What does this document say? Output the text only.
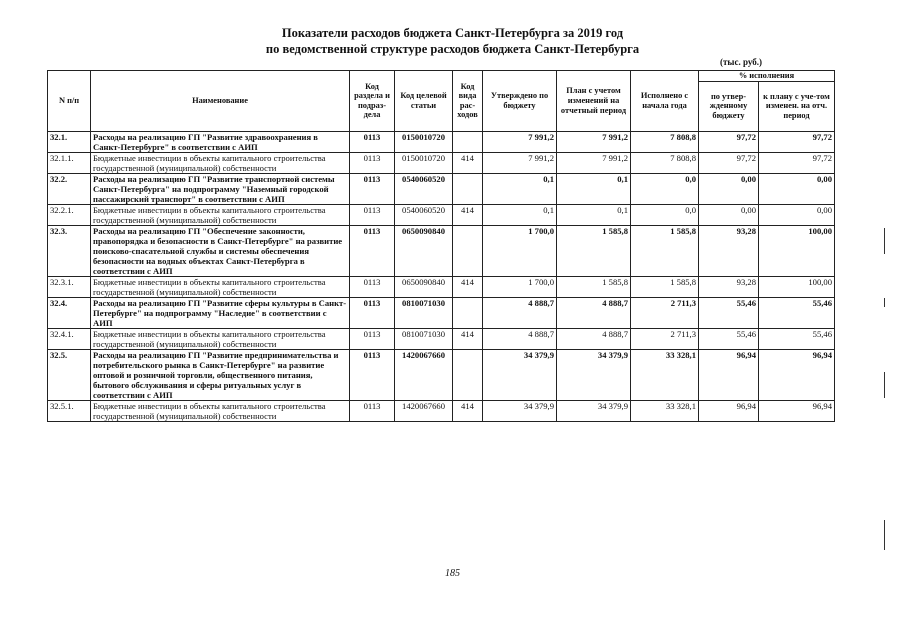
Показатели расходов бюджета Санкт-Петербурга за 2019 год
по ведомственной структуре расходов бюджета Санкт-Петербурга
(тыс. руб.)
N п/п	Наименование	Код раздела и подраз-дела	Код целевой статьи	Код вида рас-ходов	Утверждено по бюджету	План с учетом изменений на отчетный период	Исполнено с начала года	% исполнения	
								по утвер-жденному бюджету	к плану с уче-том изменен. на отч. период
32.1.	Расходы на реализацию ГП "Развитие здравоохранения в Санкт-Петербурге" в соответствии с АИП	0113	0150010720		7 991,2	7 991,2	7 808,8	97,72	97,72
32.1.1.	Бюджетные инвестиции в объекты капитального строительства государственной (муниципальной) собственности	0113	0150010720	414	7 991,2	7 991,2	7 808,8	97,72	97,72
32.2.	Расходы на реализацию ГП "Развитие транспортной системы Санкт-Петербурга" на подпрограмму "Наземный городской пассажирский транспорт" в соответствии с АИП	0113	0540060520		0,1	0,1	0,0	0,00	0,00
32.2.1.	Бюджетные инвестиции в объекты капитального строительства государственной (муниципальной) собственности	0113	0540060520	414	0,1	0,1	0,0	0,00	0,00
32.3.	Расходы на реализацию ГП "Обеспечение законности, правопорядка и безопасности в Санкт-Петербурге" на развитие поисково-спасательной службы и системы обеспечения безопасности на водных объектах Санкт-Петербурга в соответствии с АИП	0113	0650090840		1 700,0	1 585,8	1 585,8	93,28	100,00
32.3.1.	Бюджетные инвестиции в объекты капитального строительства государственной (муниципальной) собственности	0113	0650090840	414	1 700,0	1 585,8	1 585,8	93,28	100,00
32.4.	Расходы на реализацию ГП "Развитие сферы культуры в Санкт-Петербурге" на подпрограмму "Наследие" в соответствии с АИП	0113	0810071030		4 888,7	4 888,7	2 711,3	55,46	55,46
32.4.1.	Бюджетные инвестиции в объекты капитального строительства государственной (муниципальной) собственности	0113	0810071030	414	4 888,7	4 888,7	2 711,3	55,46	55,46
32.5.	Расходы на реализацию ГП "Развитие предпринимательства и потребительского рынка в Санкт-Петербурге" на развитие оптовой и розничной торговли, общественного питания, бытового обслуживания и сферы ритуальных услуг в соответствии с АИП	0113	1420067660		34 379,9	34 379,9	33 328,1	96,94	96,94
32.5.1.	Бюджетные инвестиции в объекты капитального строительства государственной (муниципальной) собственности	0113	1420067660	414	34 379,9	34 379,9	33 328,1	96,94	96,94
185
